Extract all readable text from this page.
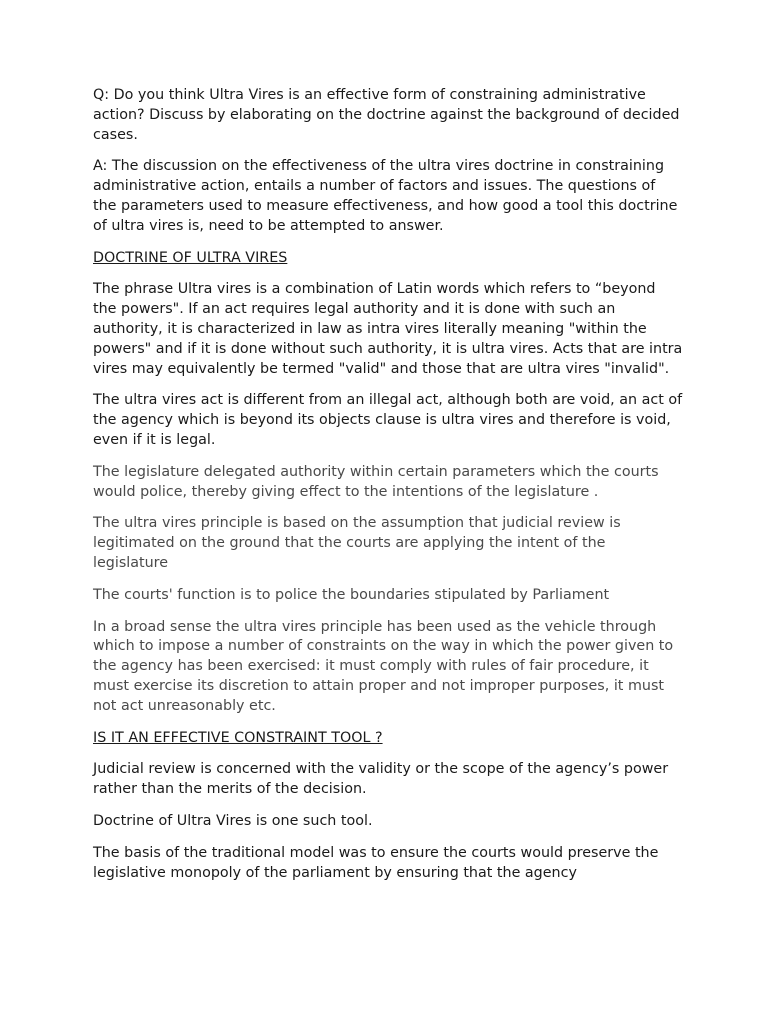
Q: Do you think Ultra Vires is an effective form of constraining administrative action? Discuss by elaborating on the doctrine against the background of decided cases.

A: The discussion on the effectiveness of the ultra vires doctrine in constraining administrative action, entails a number of factors and issues. The questions of the parameters used to measure effectiveness, and how good a tool this doctrine of ultra vires is, need to be attempted to answer.

DOCTRINE OF ULTRA VIRES

The phrase Ultra vires is a combination of Latin words which refers to “beyond the powers". If an act requires legal authority and it is done with such an authority, it is characterized in law as intra vires literally meaning "within the powers" and if it is done without such authority, it is ultra vires. Acts that are intra vires may equivalently be termed "valid" and those that are ultra vires "invalid".

The ultra vires act is different from an illegal act, although both are void, an act of the agency which is beyond its objects clause is ultra vires and therefore is void, even if it is legal.

The legislature delegated authority within certain parameters which the courts would police, thereby giving effect to the intentions of the legislature .

The ultra vires principle is based on the assumption that judicial review is legitimated on the ground that the courts are applying the intent of the legislature

The courts' function is to police the boundaries stipulated by Parliament

In a broad sense the ultra vires principle has been used as the vehicle through which to impose a number of constraints on the way in which the power given to the agency has been exercised: it must comply with rules of fair procedure, it must exercise its discretion to attain proper and not improper purposes, it must not act unreasonably etc.

IS IT AN EFFECTIVE CONSTRAINT TOOL ?

Judicial review is concerned with the validity or the scope of the agency’s power rather than the merits of the decision.

Doctrine of Ultra Vires is one such tool.

The basis of the traditional model was to ensure the courts would preserve the legislative monopoly of the parliament by ensuring that the agency
